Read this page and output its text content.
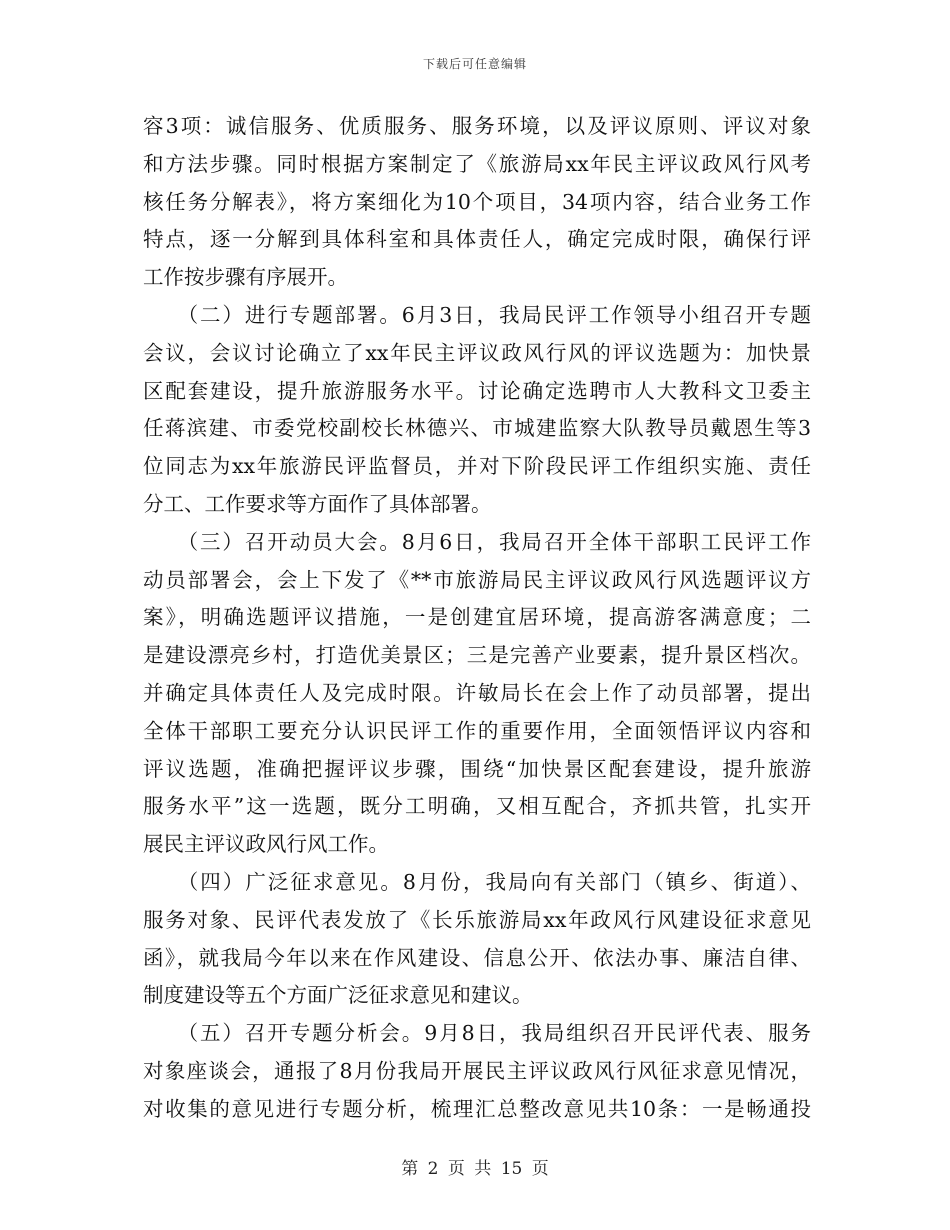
下载后可任意编辑
容3项：诚信服务、优质服务、服务环境，以及评议原则、评议对象
和方法步骤。同时根据方案制定了《旅游局xx年民主评议政风行风考
核任务分解表》，将方案细化为10个项目，34项内容，结合业务工作
特点，逐一分解到具体科室和具体责任人，确定完成时限，确保行评
工作按步骤有序展开。
　　（二）进行专题部署。6月3日，我局民评工作领导小组召开专题
会议，会议讨论确立了xx年民主评议政风行风的评议选题为：加快景
区配套建设，提升旅游服务水平。讨论确定选聘市人大教科文卫委主
任蒋滨建、市委党校副校长林德兴、市城建监察大队教导员戴恩生等3
位同志为xx年旅游民评监督员，并对下阶段民评工作组织实施、责任
分工、工作要求等方面作了具体部署。
　　（三）召开动员大会。8月6日，我局召开全体干部职工民评工作
动员部署会，会上下发了《**市旅游局民主评议政风行风选题评议方
案》，明确选题评议措施，一是创建宜居环境，提高游客满意度；二
是建设漂亮乡村，打造优美景区；三是完善产业要素，提升景区档次。
并确定具体责任人及完成时限。许敏局长在会上作了动员部署，提出
全体干部职工要充分认识民评工作的重要作用，全面领悟评议内容和
评议选题，准确把握评议步骤，围绕“加快景区配套建设，提升旅游
服务水平”这一选题，既分工明确，又相互配合，齐抓共管，扎实开
展民主评议政风行风工作。
　　（四）广泛征求意见。8月份，我局向有关部门（镇乡、街道）、
服务对象、民评代表发放了《长乐旅游局xx年政风行风建设征求意见
函》，就我局今年以来在作风建设、信息公开、依法办事、廉洁自律、
制度建设等五个方面广泛征求意见和建议。
　　（五）召开专题分析会。9月8日，我局组织召开民评代表、服务
对象座谈会，通报了8月份我局开展民主评议政风行风征求意见情况，
对收集的意见进行专题分析，梳理汇总整改意见共10条：一是畅通投
第 2 页 共 15 页
